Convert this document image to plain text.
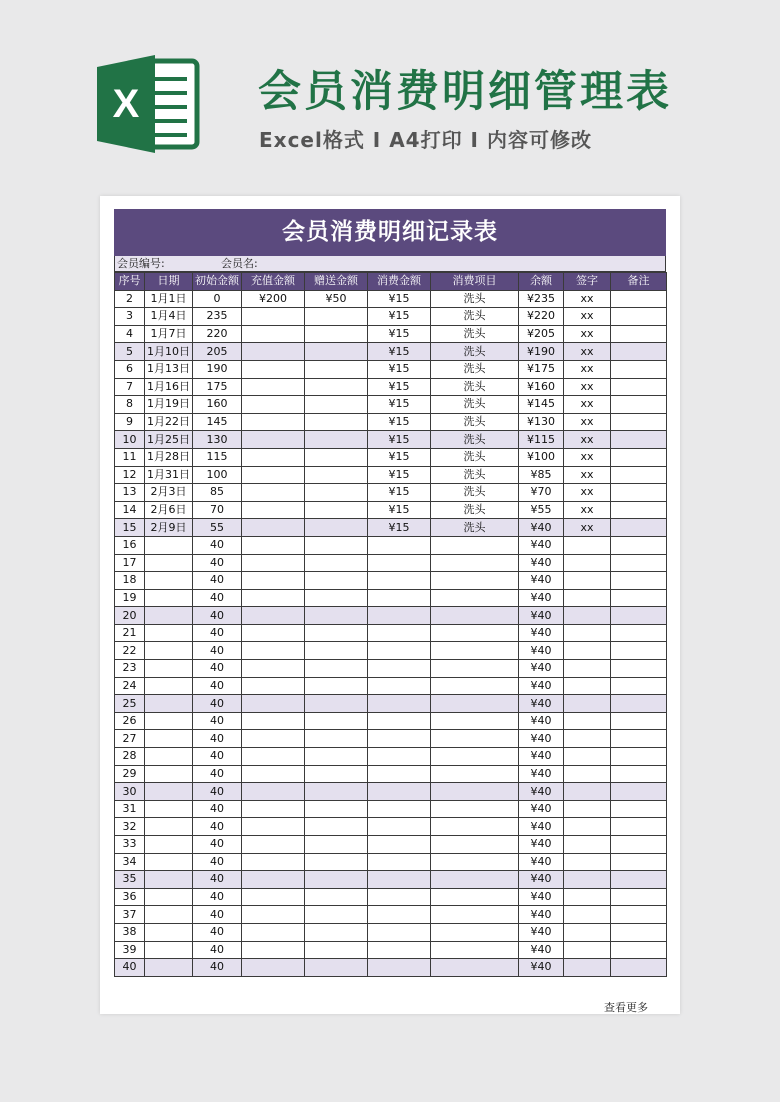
X	会员消费明细管理表
Excel格式 I A4打印 I 内容可修改
会员消费明细记录表
会员编号:	会员名:
序号	日期	初始金额	充值金额	赠送金额	消费金额	消费项目	余额	签字	备注
2	1月1日	0	¥200	¥50	¥15	洗头	¥235	xx	
3	1月4日	235			¥15	洗头	¥220	xx	
4	1月7日	220			¥15	洗头	¥205	xx	
5	1月10日	205			¥15	洗头	¥190	xx	
6	1月13日	190			¥15	洗头	¥175	xx	
7	1月16日	175			¥15	洗头	¥160	xx	
8	1月19日	160			¥15	洗头	¥145	xx	
9	1月22日	145			¥15	洗头	¥130	xx	
10	1月25日	130			¥15	洗头	¥115	xx	
11	1月28日	115			¥15	洗头	¥100	xx	
12	1月31日	100			¥15	洗头	¥85	xx	
13	2月3日	85			¥15	洗头	¥70	xx	
14	2月6日	70			¥15	洗头	¥55	xx	
15	2月9日	55			¥15	洗头	¥40	xx	
16		40					¥40		
17		40					¥40		
18		40					¥40		
19		40					¥40		
20		40					¥40		
21		40					¥40		
22		40					¥40		
23		40					¥40		
24		40					¥40		
25		40					¥40		
26		40					¥40		
27		40					¥40		
28		40					¥40		
29		40					¥40		
30		40					¥40		
31		40					¥40		
32		40					¥40		
33		40					¥40		
34		40					¥40		
35		40					¥40		
36		40					¥40		
37		40					¥40		
38		40					¥40		
39		40					¥40		
40		40					¥40		
查看更多
